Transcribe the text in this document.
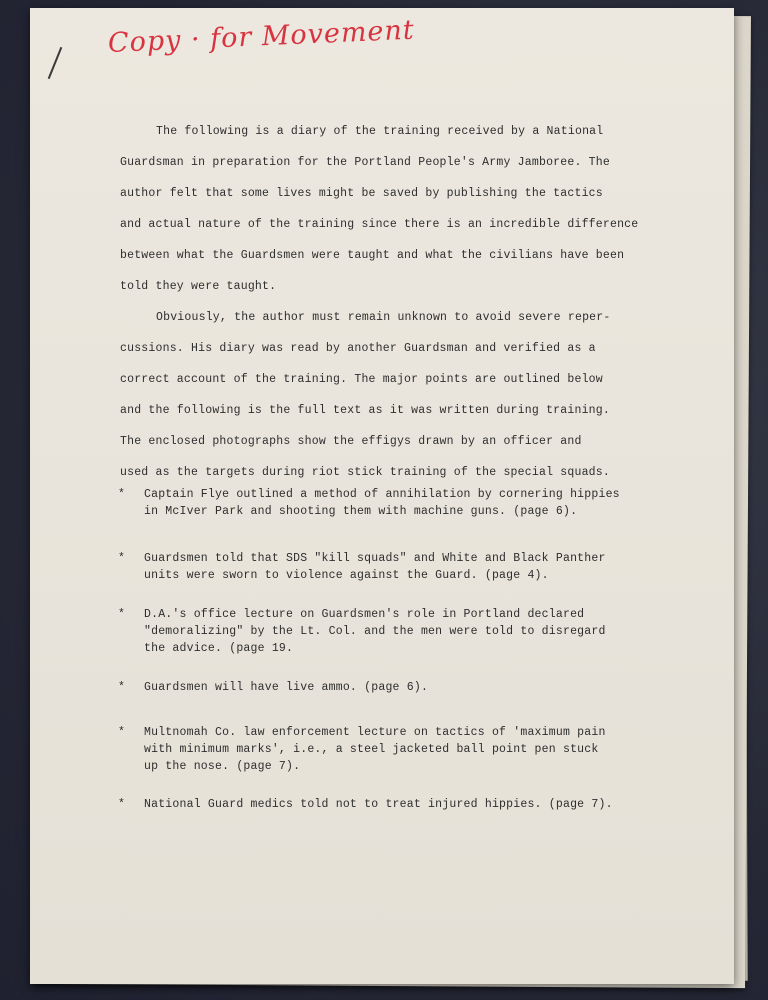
Copy · for Movement

The following is a diary of the training received by a National
Guardsman in preparation for the Portland People's Army Jamboree. The
author felt that some lives might be saved by publishing the tactics
and actual nature of the training since there is an incredible difference
between what the Guardsmen were taught and what the civilians have been
told they were taught.

Obviously, the author must remain unknown to avoid severe reper-
cussions. His diary was read by another Guardsman and verified as a
correct account of the training. The major points are outlined below
and the following is the full text as it was written during training.
The enclosed photographs show the effigys drawn by an officer and
used as the targets during riot stick training of the special squads.

* Captain Flye outlined a method of annihilation by cornering hippies
in McIver Park and shooting them with machine guns. (page 6).
* Guardsmen told that SDS "kill squads" and White and Black Panther
units were sworn to violence against the Guard. (page 4).
* D.A.'s office lecture on Guardsmen's role in Portland declared
"demoralizing" by the Lt. Col. and the men were told to disregard
the advice. (page 19.
* Guardsmen will have live ammo. (page 6).
* Multnomah Co. law enforcement lecture on tactics of 'maximum pain
with minimum marks', i.e., a steel jacketed ball point pen stuck
up the nose. (page 7).
* National Guard medics told not to treat injured hippies. (page 7).
